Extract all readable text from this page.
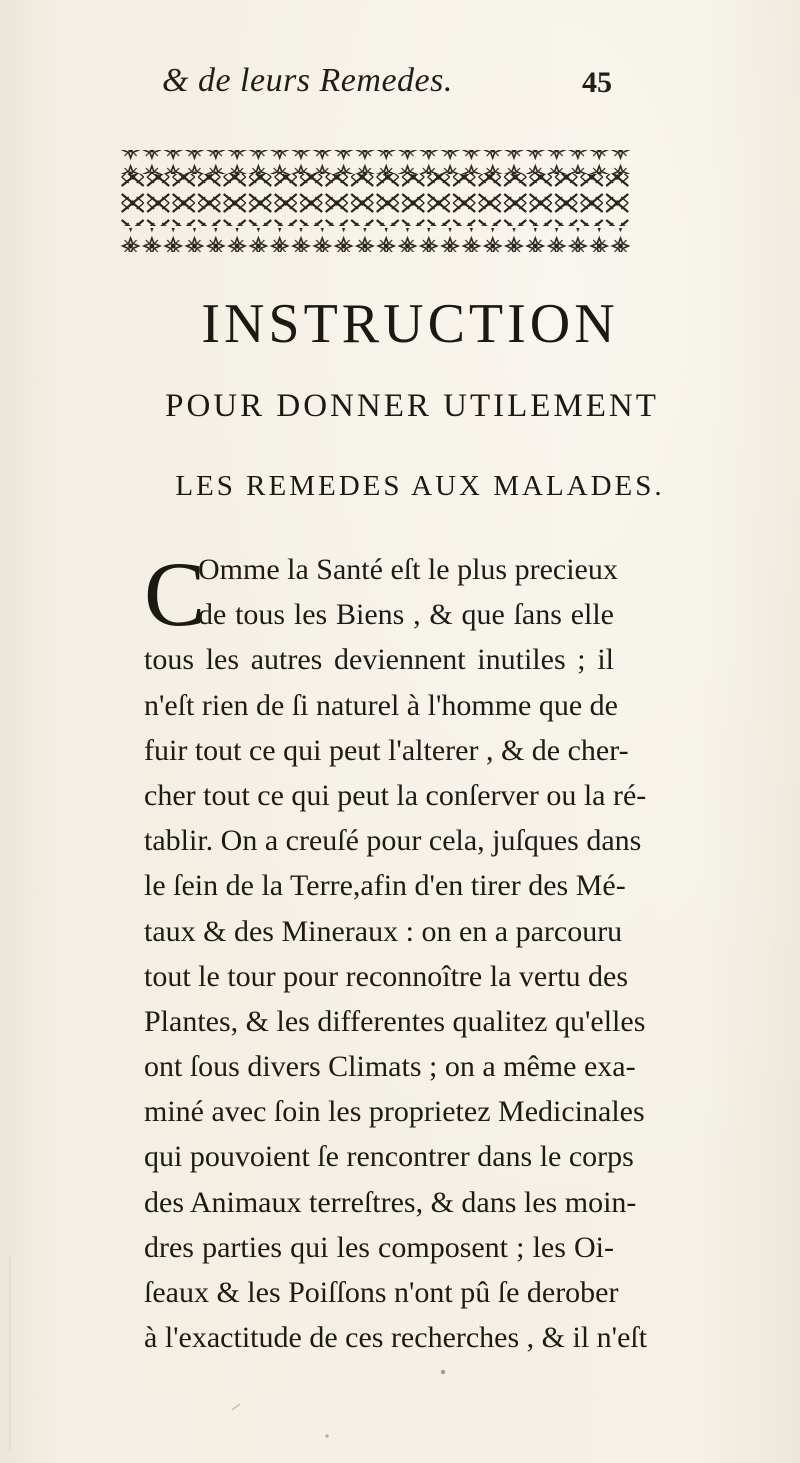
& de leurs Remedes.	45
INSTRUCTION
POUR DONNER UTILEMENT
LES REMEDES AUX MALADES.
C
Omme la Santé eſt le plus precieux
de tous les Biens , & que ſans elle
tous les autres deviennent inutiles ; il
n'eſt rien de ſi naturel à l'homme que de
fuir tout ce qui peut l'alterer , & de cher-
cher tout ce qui peut la conſerver ou la ré-
tablir. On a creuſé pour cela, juſques dans
le ſein de la Terre,afin d'en tirer des Mé-
taux & des Mineraux : on en a parcouru
tout le tour pour reconnoître la vertu des
Plantes, & les differentes qualitez qu'elles
ont ſous divers Climats ; on a même exa-
miné avec ſoin les proprietez Medicinales
qui pouvoient ſe rencontrer dans le corps
des Animaux terreſtres, & dans les moin-
dres parties qui les composent ; les Oi-
ſeaux & les Poiſſons n'ont pû ſe derober
à l'exactitude de ces recherches , & il n'eſt
